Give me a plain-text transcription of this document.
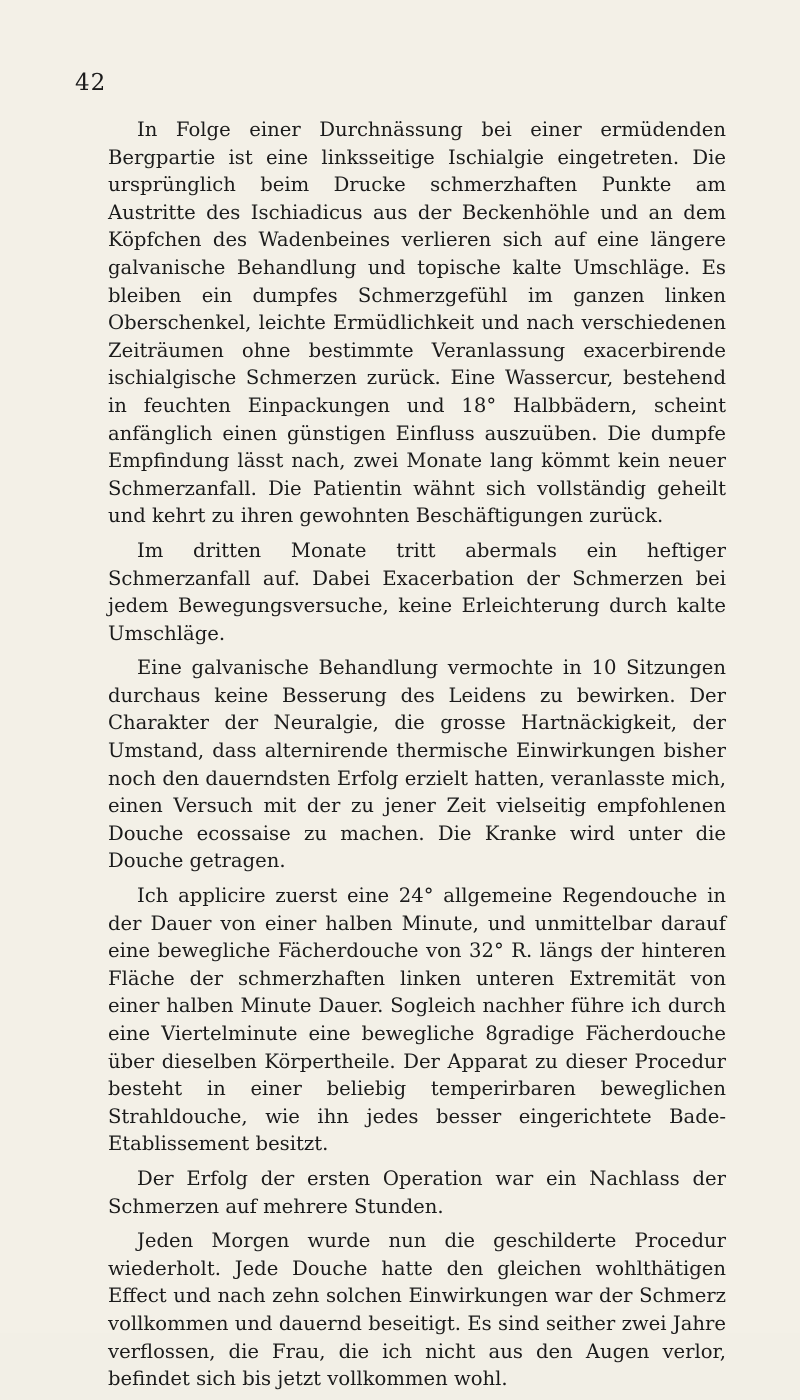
42

In Folge einer Durchnässung bei einer ermüdenden Bergpartie ist eine linksseitige Ischialgie eingetreten. Die ursprünglich beim Drucke schmerzhaften Punkte am Austritte des Ischiadicus aus der Beckenhöhle und an dem Köpfchen des Wadenbeines verlieren sich auf eine längere galvanische Behandlung und topische kalte Umschläge. Es bleiben ein dumpfes Schmerzgefühl im ganzen linken Oberschenkel, leichte Ermüdlichkeit und nach verschiedenen Zeiträumen ohne bestimmte Veranlassung exacerbirende ischialgische Schmerzen zurück. Eine Wassercur, bestehend in feuchten Einpackungen und 18° Halbbädern, scheint anfänglich einen günstigen Einfluss auszuüben. Die dumpfe Empfindung lässt nach, zwei Monate lang kömmt kein neuer Schmerzanfall. Die Patientin wähnt sich vollständig geheilt und kehrt zu ihren gewohnten Beschäftigungen zurück.

Im dritten Monate tritt abermals ein heftiger Schmerzanfall auf. Dabei Exacerbation der Schmerzen bei jedem Bewegungsversuche, keine Erleichterung durch kalte Umschläge.

Eine galvanische Behandlung vermochte in 10 Sitzungen durchaus keine Besserung des Leidens zu bewirken. Der Charakter der Neuralgie, die grosse Hartnäckigkeit, der Umstand, dass alternirende thermische Einwirkungen bisher noch den dauerndsten Erfolg erzielt hatten, veranlasste mich, einen Versuch mit der zu jener Zeit vielseitig empfohlenen Douche ecossaise zu machen. Die Kranke wird unter die Douche getragen.

Ich applicire zuerst eine 24° allgemeine Regendouche in der Dauer von einer halben Minute, und unmittelbar darauf eine bewegliche Fächerdouche von 32° R. längs der hinteren Fläche der schmerzhaften linken unteren Extremität von einer halben Minute Dauer. Sogleich nachher führe ich durch eine Viertelminute eine bewegliche 8gradige Fächerdouche über dieselben Körpertheile. Der Apparat zu dieser Procedur besteht in einer beliebig temperirbaren beweglichen Strahldouche, wie ihn jedes besser eingerichtete Bade-Etablissement besitzt.

Der Erfolg der ersten Operation war ein Nachlass der Schmerzen auf mehrere Stunden.

Jeden Morgen wurde nun die geschilderte Procedur wiederholt. Jede Douche hatte den gleichen wohlthätigen Effect und nach zehn solchen Einwirkungen war der Schmerz vollkommen und dauernd beseitigt. Es sind seither zwei Jahre verflossen, die Frau, die ich nicht aus den Augen verlor, befindet sich bis jetzt vollkommen wohl.
